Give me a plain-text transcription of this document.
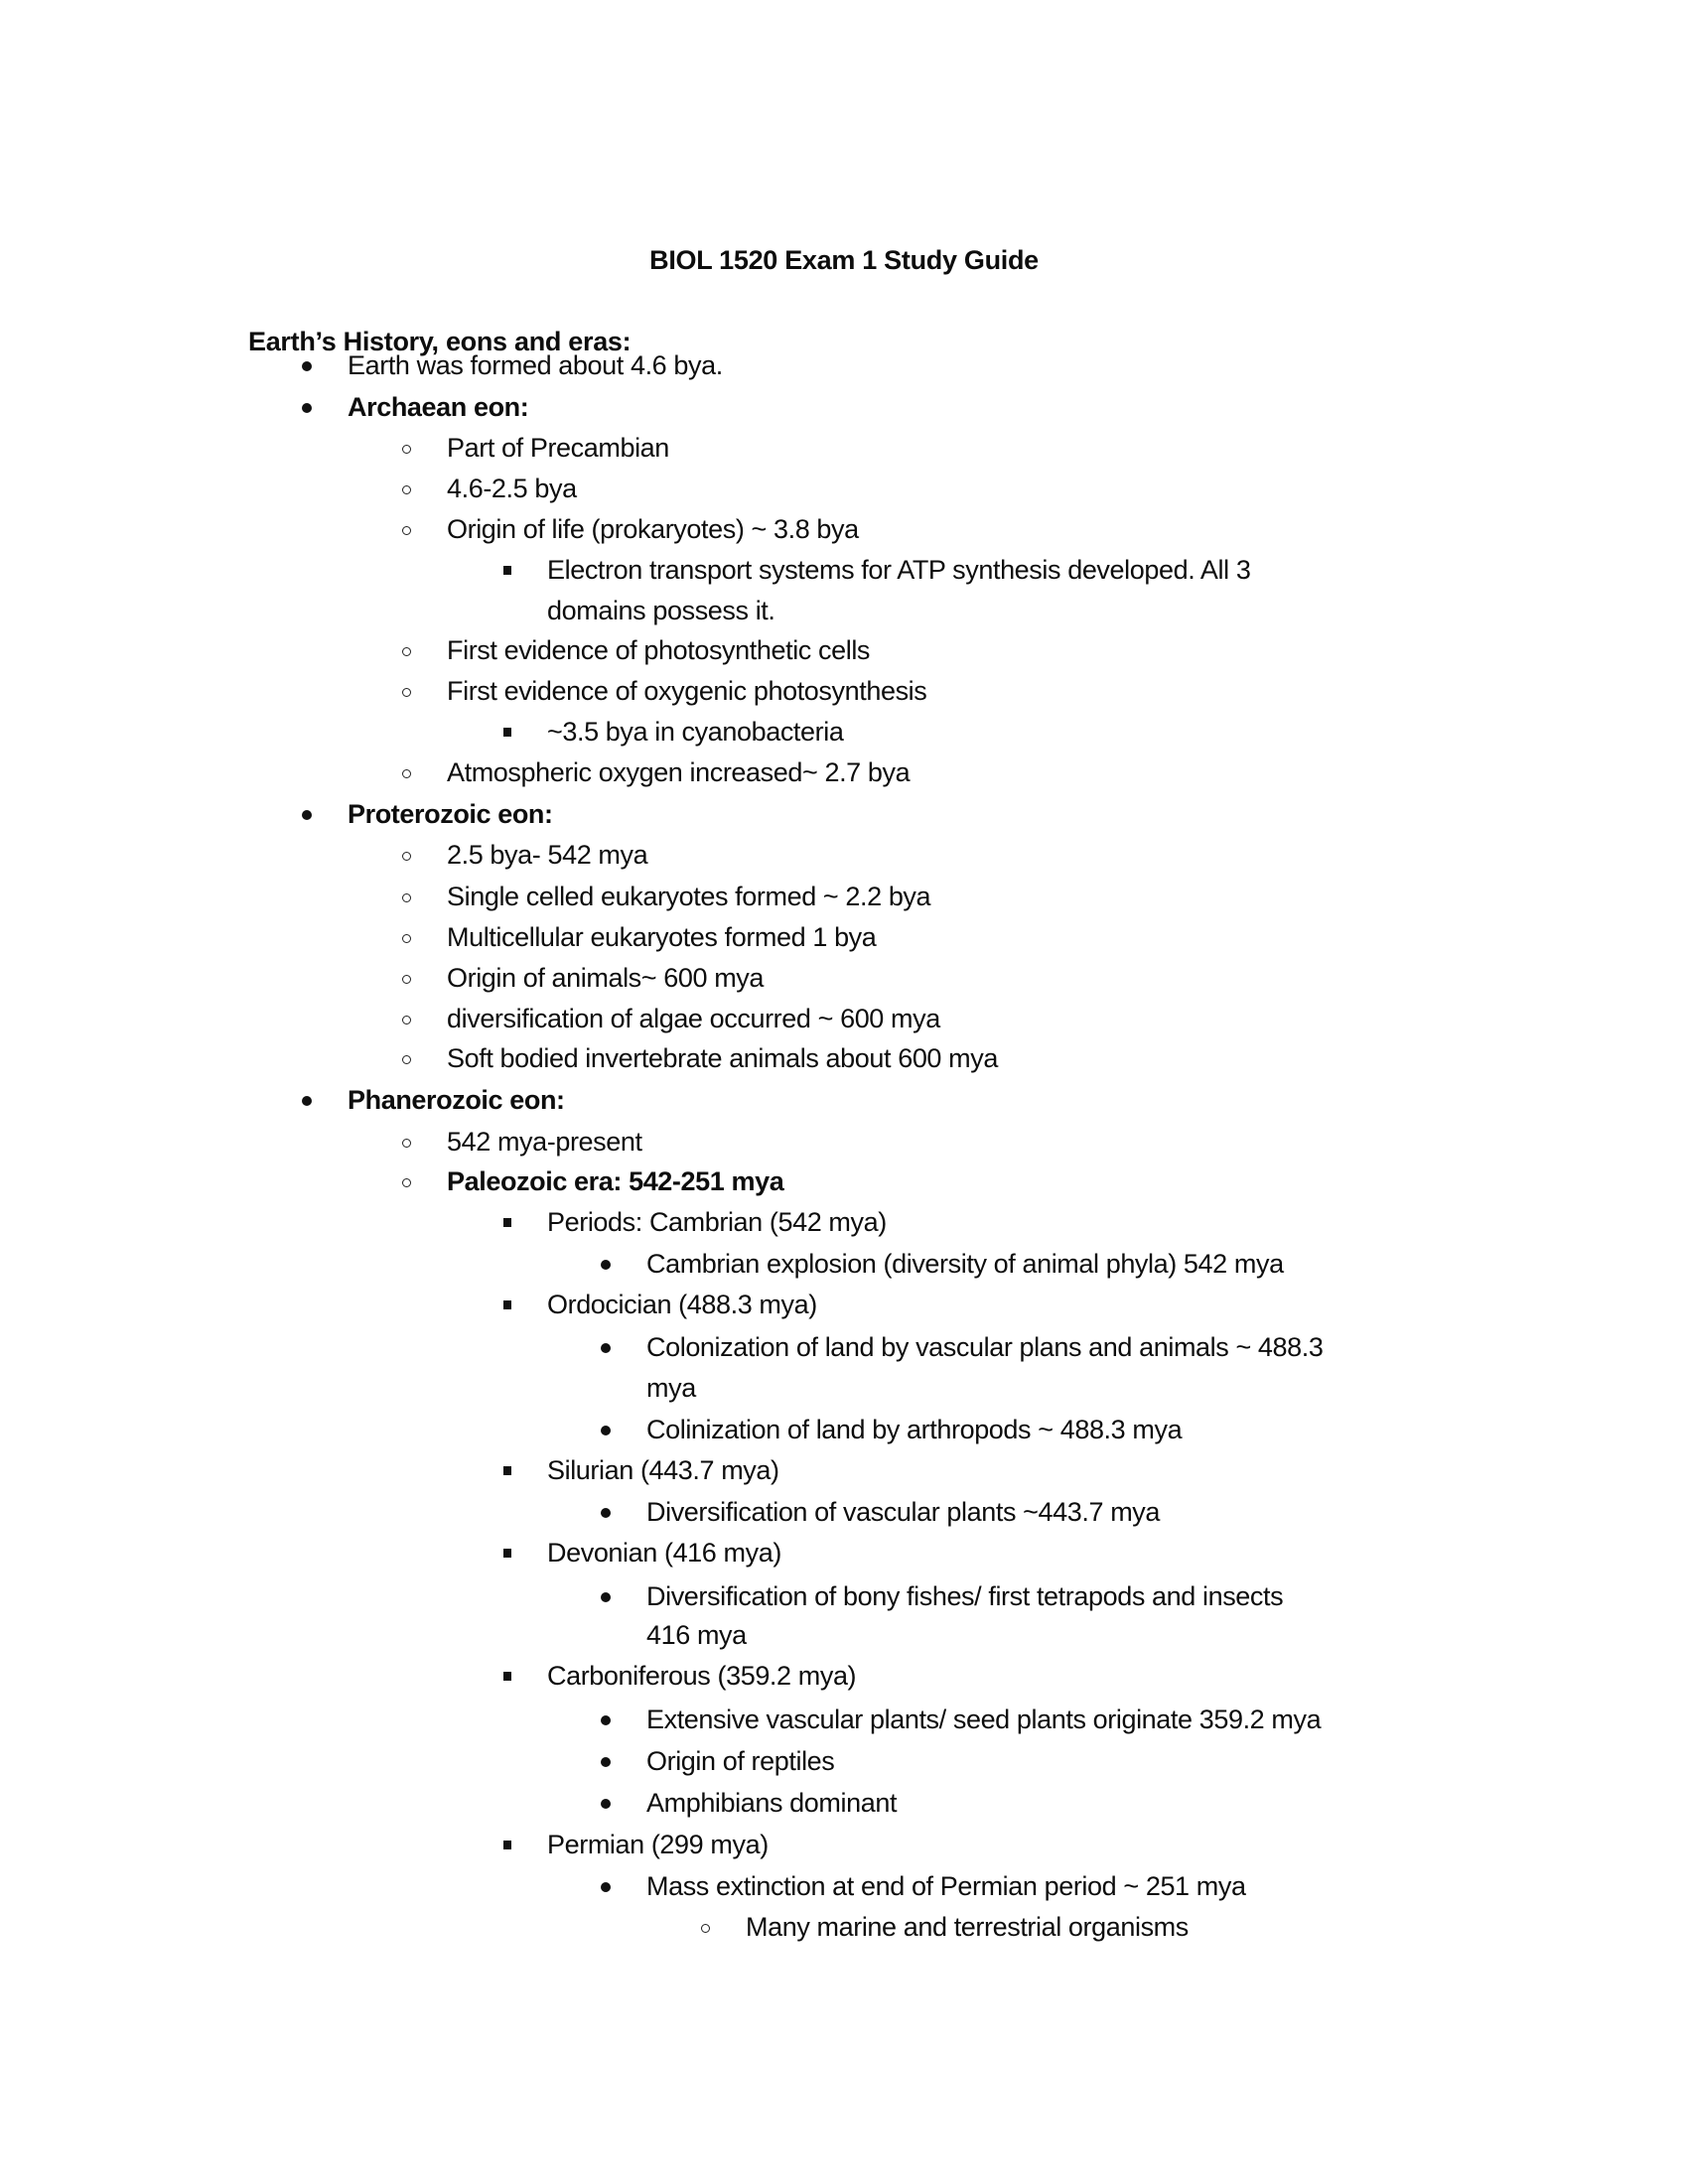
BIOL 1520 Exam 1 Study Guide
Earth’s History, eons and eras:
Earth was formed about 4.6 bya.
Archaean eon:
Part of Precambian
4.6-2.5 bya
Origin of life (prokaryotes) ~ 3.8 bya
Electron transport systems for ATP synthesis developed. All 3
domains possess it.
First evidence of photosynthetic cells
First evidence of oxygenic photosynthesis
~3.5 bya in cyanobacteria
Atmospheric oxygen increased~ 2.7 bya
Proterozoic eon:
2.5 bya- 542 mya
Single celled eukaryotes formed ~ 2.2 bya
Multicellular eukaryotes formed 1 bya
Origin of animals~ 600 mya
diversification of algae occurred ~ 600 mya
Soft bodied invertebrate animals about 600 mya
Phanerozoic eon:
542 mya-present
Paleozoic era: 542-251 mya
Periods: Cambrian (542 mya)
Cambrian explosion (diversity of animal phyla) 542 mya
Ordocician (488.3 mya)
Colonization of land by vascular plans and animals ~ 488.3
mya
Colinization of land by arthropods ~ 488.3 mya
Silurian (443.7 mya)
Diversification of vascular plants ~443.7 mya
Devonian (416 mya)
Diversification of bony fishes/ first tetrapods and insects
416 mya
Carboniferous (359.2 mya)
Extensive vascular plants/ seed plants originate 359.2 mya
Origin of reptiles
Amphibians dominant
Permian (299 mya)
Mass extinction at end of Permian period ~ 251 mya
Many marine and terrestrial organisms
